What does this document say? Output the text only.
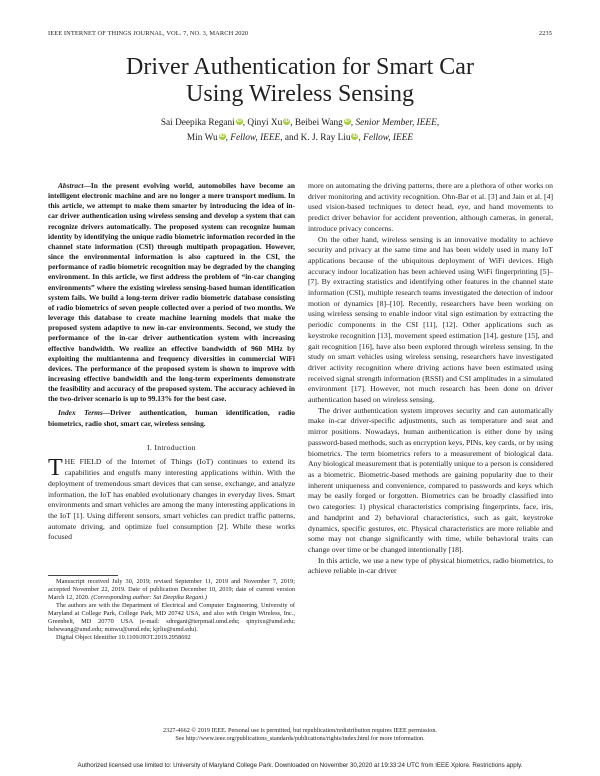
IEEE INTERNET OF THINGS JOURNAL, VOL. 7, NO. 3, MARCH 2020	2235
Driver Authentication for Smart Car
Using Wireless Sensing
Sai Deepika Regani iD, Qinyi Xu iD, Beibei Wang iD, Senior Member, IEEE,
Min Wu iD, Fellow, IEEE, and K. J. Ray Liu iD, Fellow, IEEE

Abstract—In the present evolving world, automobiles have become an intelligent electronic machine and are no longer a mere transport medium. In this article, we attempt to make them smarter by introducing the idea of in-car driver authentication using wireless sensing and develop a system that can recognize drivers automatically. The proposed system can recognize human identity by identifying the unique radio biometric information recorded in the channel state information (CSI) through multipath propagation. However, since the environmental information is also captured in the CSI, the performance of radio biometric recognition may be degraded by the changing environment. In this article, we first address the problem of “in-car changing environments” where the existing wireless sensing-based human identification system fails. We build a long-term driver radio biometric database consisting of radio biometrics of seven people collected over a period of two months. We leverage this database to create machine learning models that make the proposed system adaptive to new in-car environments. Second, we study the performance of the in-car driver authentication system with increasing effective bandwidth. We realize an effective bandwidth of 960 MHz by exploiting the multiantenna and frequency diversities in commercial WiFi devices. The performance of the proposed system is shown to improve with increasing effective bandwidth and the long-term experiments demonstrate the feasibility and accuracy of the proposed system. The accuracy achieved in the two-driver scenario is up to 99.13% for the best case.

Index Terms—Driver authentication, human identification, radio biometrics, radio shot, smart car, wireless sensing.

I. Introduction

THE FIELD of the Internet of Things (IoT) continues to extend its capabilities and engulfs many interesting applications within. With the deployment of tremendous smart devices that can sense, exchange, and analyze information, the IoT has enabled evolutionary changes in everyday lives. Smart environments and smart vehicles are among the many interesting applications in the IoT [1]. Using different sensors, smart vehicles can predict traffic patterns, automate driving, and optimize fuel consumption [2]. While these works focused

Manuscript received July 30, 2019; revised September 11, 2019 and November 7, 2019; accepted November 22, 2019. Date of publication December 10, 2019; date of current version March 12, 2020. (Corresponding author: Sai Deepika Regani.)

The authors are with the Department of Electrical and Computer Engineering, University of Maryland at College Park, College Park, MD 20742 USA, and also with Origin Wireless, Inc., Greenbelt, MD 20770 USA (e-mail: sdregani@terpmail.umd.edu; qinyixu@umd.edu; bebewang@umd.edu; minwu@umd.edu; kjrliu@umd.edu).

Digital Object Identifier 10.1109/JIOT.2019.2958692

more on automating the driving patterns, there are a plethora of other works on driver monitoring and activity recognition. Ohn-Bar et al. [3] and Jain et al. [4] used vision-based techniques to detect head, eye, and hand movements to predict driver behavior for accident prevention, although cameras, in general, introduce privacy concerns.

On the other hand, wireless sensing is an innovative modality to achieve security and privacy at the same time and has been widely used in many IoT applications because of the ubiquitous deployment of WiFi devices. High accuracy indoor localization has been achieved using WiFi fingerprinting [5]–[7]. By extracting statistics and identifying other features in the channel state information (CSI), multiple research teams investigated the detection of indoor motion or dynamics [8]–[10]. Recently, researchers have been working on using wireless sensing to enable indoor vital sign estimation by extracting the periodic components in the CSI [11], [12]. Other applications such as keystroke recognition [13], movement speed estimation [14], gesture [15], and gait recognition [16], have also been explored through wireless sensing. In the study on smart vehicles using wireless sensing, researchers have investigated driver activity recognition where driving actions have been estimated using received signal strength information (RSSI) and CSI amplitudes in a simulated environment [17]. However, not much research has been done on driver authentication based on wireless sensing.

The driver authentication system improves security and can automatically make in-car driver-specific adjustments, such as temperature and seat and mirror positions. Nowadays, human authentication is either done by using password-based methods, such as encryption keys, PINs, key cards, or by using biometrics. The term biometrics refers to a measurement of biological data. Any biological measurement that is potentially unique to a person is considered as a biometric. Biometric-based methods are gaining popularity due to their inherent uniqueness and convenience, compared to passwords and keys which may be easily forged or forgotten. Biometrics can be broadly classified into two categories: 1) physical characteristics comprising fingerprints, face, iris, and handprint and 2) behavioral characteristics, such as gait, keystroke dynamics, specific gestures, etc. Physical characteristics are more reliable and some may not change significantly with time, while behavioral traits can change over time or be changed intentionally [18].

In this article, we use a new type of physical biometrics, radio biometrics, to achieve reliable in-car driver

2327-4662 © 2019 IEEE. Personal use is permitted, but republication/redistribution requires IEEE permission.
See http://www.ieee.org/publications_standards/publications/rights/index.html for more information.
Authorized licensed use limited to: University of Maryland College Park. Downloaded on November 30,2020 at 19:33:24 UTC from IEEE Xplore. Restrictions apply.
